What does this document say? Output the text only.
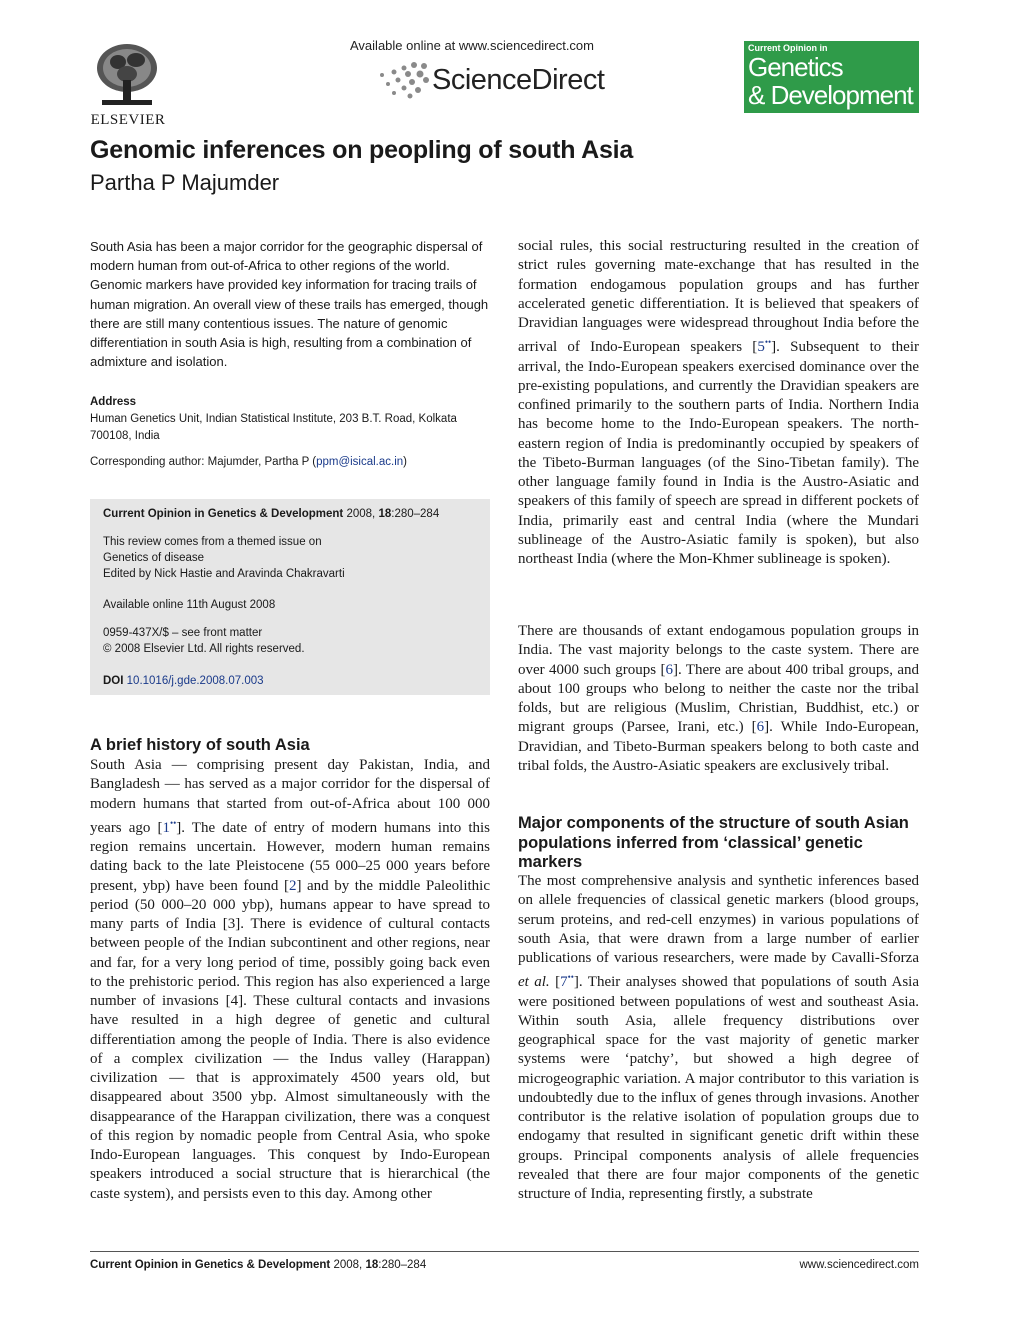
ELSEVIER
Available online at www.sciencedirect.com
ScienceDirect
Current Opinion in
Genetics
& Development
Genomic inferences on peopling of south Asia
Partha P Majumder

South Asia has been a major corridor for the geographic dispersal of modern human from out-of-Africa to other regions of the world. Genomic markers have provided key information for tracing trails of human migration. An overall view of these trails has emerged, though there are still many contentious issues. The nature of genomic differentiation in south Asia is high, resulting from a combination of admixture and isolation.

Address

Human Genetics Unit, Indian Statistical Institute, 203 B.T. Road, Kolkata 700108, India
Corresponding author: Majumder, Partha P (ppm@isical.ac.in)
Current Opinion in Genetics & Development 2008, 18:280–284
This review comes from a themed issue on
Genetics of disease
Edited by Nick Hastie and Aravinda Chakravarti
Available online 11th August 2008
0959-437X/$ – see front matter
© 2008 Elsevier Ltd. All rights reserved.
DOI 10.1016/j.gde.2008.07.003
A brief history of south Asia

South Asia — comprising present day Pakistan, India, and Bangladesh — has served as a major corridor for the dispersal of modern humans that started from out-of-Africa about 100 000 years ago [1••]. The date of entry of modern humans into this region remains uncertain. However, modern human remains dating back to the late Pleistocene (55 000–25 000 years before present, ybp) have been found [2] and by the middle Paleolithic period (50 000–20 000 ybp), humans appear to have spread to many parts of India [3]. There is evidence of cultural contacts between people of the Indian subcontinent and other regions, near and far, for a very long period of time, possibly going back even to the prehistoric period. This region has also experienced a large number of invasions [4]. These cultural contacts and invasions have resulted in a high degree of genetic and cultural differentiation among the people of India. There is also evidence of a complex civilization — the Indus valley (Harappan) civilization — that is approximately 4500 years old, but disappeared about 3500 ybp. Almost simultaneously with the disappearance of the Harappan civilization, there was a conquest of this region by nomadic people from Central Asia, who spoke Indo-European languages. This conquest by Indo-European speakers introduced a social structure that is hierarchical (the caste system), and persists even to this day. Among other

social rules, this social restructuring resulted in the creation of strict rules governing mate-exchange that has resulted in the formation endogamous population groups and has further accelerated genetic differentiation. It is believed that speakers of Dravidian languages were widespread throughout India before the arrival of Indo-European speakers [5••]. Subsequent to their arrival, the Indo-European speakers exercised dominance over the pre-existing populations, and currently the Dravidian speakers are confined primarily to the southern parts of India. Northern India has become home to the Indo-European speakers. The north-eastern region of India is predominantly occupied by speakers of the Tibeto-Burman languages (of the Sino-Tibetan family). The other language family found in India is the Austro-Asiatic and speakers of this family of speech are spread in different pockets of India, primarily east and central India (where the Mundari sublineage of the Austro-Asiatic family is spoken), but also northeast India (where the Mon-Khmer sublineage is spoken).

There are thousands of extant endogamous population groups in India. The vast majority belongs to the caste system. There are over 4000 such groups [6]. There are about 400 tribal groups, and about 100 groups who belong to neither the caste nor the tribal folds, but are religious (Muslim, Christian, Buddhist, etc.) or migrant groups (Parsee, Irani, etc.) [6]. While Indo-European, Dravidian, and Tibeto-Burman speakers belong to both caste and tribal folds, the Austro-Asiatic speakers are exclusively tribal.

Major components of the structure of south Asian populations inferred from ‘classical’ genetic markers

The most comprehensive analysis and synthetic inferences based on allele frequencies of classical genetic markers (blood groups, serum proteins, and red-cell enzymes) in various populations of south Asia, that were drawn from a large number of earlier publications of various researchers, were made by Cavalli-Sforza et al. [7••]. Their analyses showed that populations of south Asia were positioned between populations of west and southeast Asia. Within south Asia, allele frequency distributions over geographical space for the vast majority of genetic marker systems were ‘patchy’, but showed a high degree of microgeographic variation. A major contributor to this variation is undoubtedly due to the influx of genes through invasions. Another contributor is the relative isolation of population groups due to endogamy that resulted in significant genetic drift within these groups. Principal components analysis of allele frequencies revealed that there are four major components of the genetic structure of India, representing firstly, a substrate

Current Opinion in Genetics & Development 2008, 18:280–284	www.sciencedirect.com
